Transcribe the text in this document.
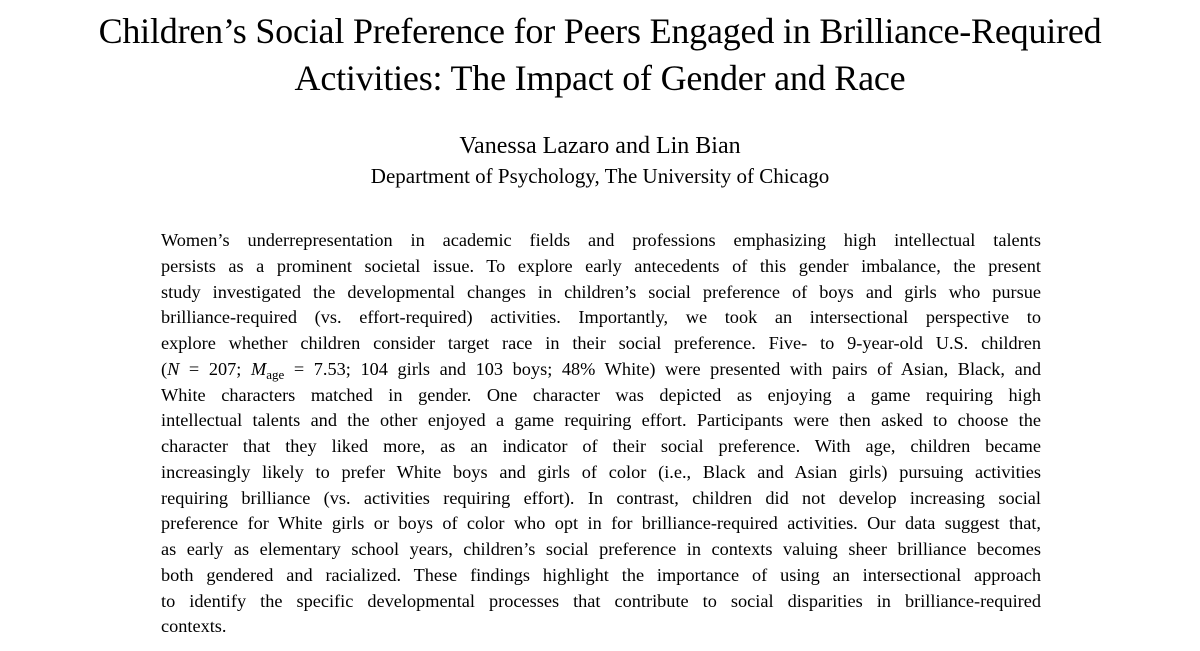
Children’s Social Preference for Peers Engaged in Brilliance-Required
Activities: The Impact of Gender and Race

Vanessa Lazaro and Lin Bian

Department of Psychology, The University of Chicago

Women’s underrepresentation in academic fields and professions emphasizing high intellectual talents
persists as a prominent societal issue. To explore early antecedents of this gender imbalance, the present
study investigated the developmental changes in children’s social preference of boys and girls who pursue
brilliance-required (vs. effort-required) activities. Importantly, we took an intersectional perspective to
explore whether children consider target race in their social preference. Five- to 9-year-old U.S. children
(N = 207; $M_{age} = 7.53$; 104 girls and 103 boys; 48% White) were presented with pairs of Asian, Black, and
White characters matched in gender. One character was depicted as enjoying a game requiring high
intellectual talents and the other enjoyed a game requiring effort. Participants were then asked to choose the
character that they liked more, as an indicator of their social preference. With age, children became
increasingly likely to prefer White boys and girls of color (i.e., Black and Asian girls) pursuing activities
requiring brilliance (vs. activities requiring effort). In contrast, children did not develop increasing social
preference for White girls or boys of color who opt in for brilliance-required activities. Our data suggest that,
as early as elementary school years, children’s social preference in contexts valuing sheer brilliance becomes
both gendered and racialized. These findings highlight the importance of using an intersectional approach
to identify the specific developmental processes that contribute to social disparities in brilliance-required
contexts.
